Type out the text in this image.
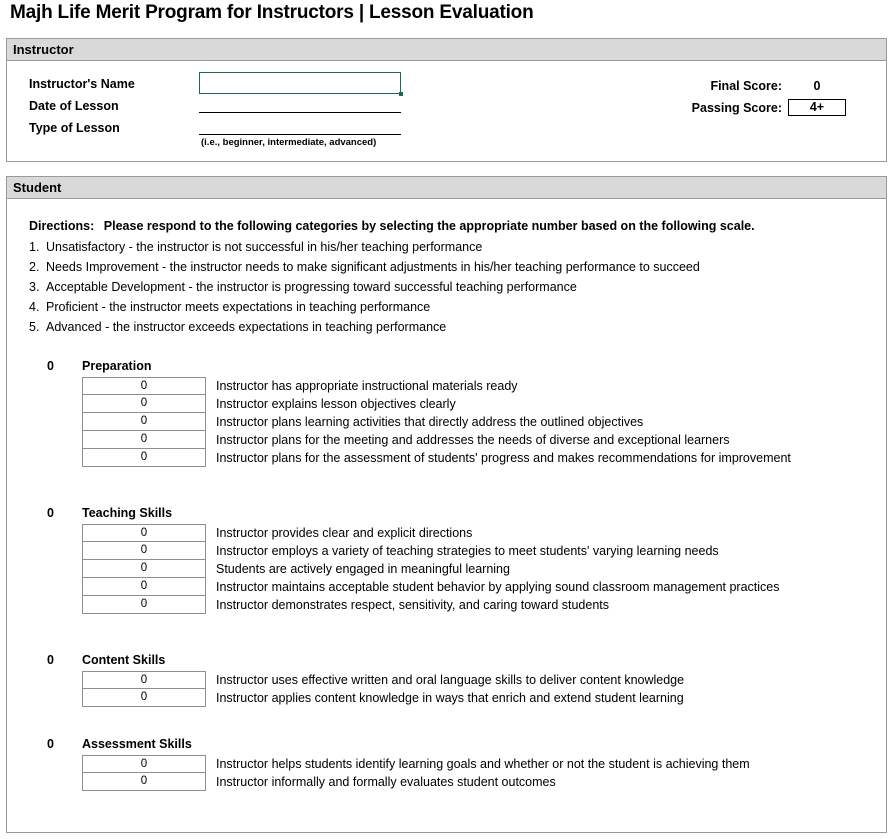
Majh Life Merit Program for Instructors | Lesson Evaluation
Instructor
Instructor's Name
Date of Lesson
Type of Lesson
(i.e., beginner, intermediate, advanced)
Final Score:	0
Passing Score:	4+
Student
Directions: Please respond to the following categories by selecting the appropriate number based on the following scale.
1. Unsatisfactory - the instructor is not successful in his/her teaching performance
2. Needs Improvement - the instructor needs to make significant adjustments in his/her teaching performance to succeed
3. Acceptable Development - the instructor is progressing toward successful teaching performance
4. Proficient - the instructor meets expectations in teaching performance
5. Advanced - the instructor exceeds expectations in teaching performance
0 Preparation
0	Instructor has appropriate instructional materials ready
0	Instructor explains lesson objectives clearly
0	Instructor plans learning activities that directly address the outlined objectives
0	Instructor plans for the meeting and addresses the needs of diverse and exceptional learners
0	Instructor plans for the assessment of students' progress and makes recommendations for improvement
0 Teaching Skills
0	Instructor provides clear and explicit directions
0	Instructor employs a variety of teaching strategies to meet students' varying learning needs
0	Students are actively engaged in meaningful learning
0	Instructor maintains acceptable student behavior by applying sound classroom management practices
0	Instructor demonstrates respect, sensitivity, and caring toward students
0 Content Skills
0	Instructor uses effective written and oral language skills to deliver content knowledge
0	Instructor applies content knowledge in ways that enrich and extend student learning
0 Assessment Skills
0	Instructor helps students identify learning goals and whether or not the student is achieving them
0	Instructor informally and formally evaluates student outcomes
